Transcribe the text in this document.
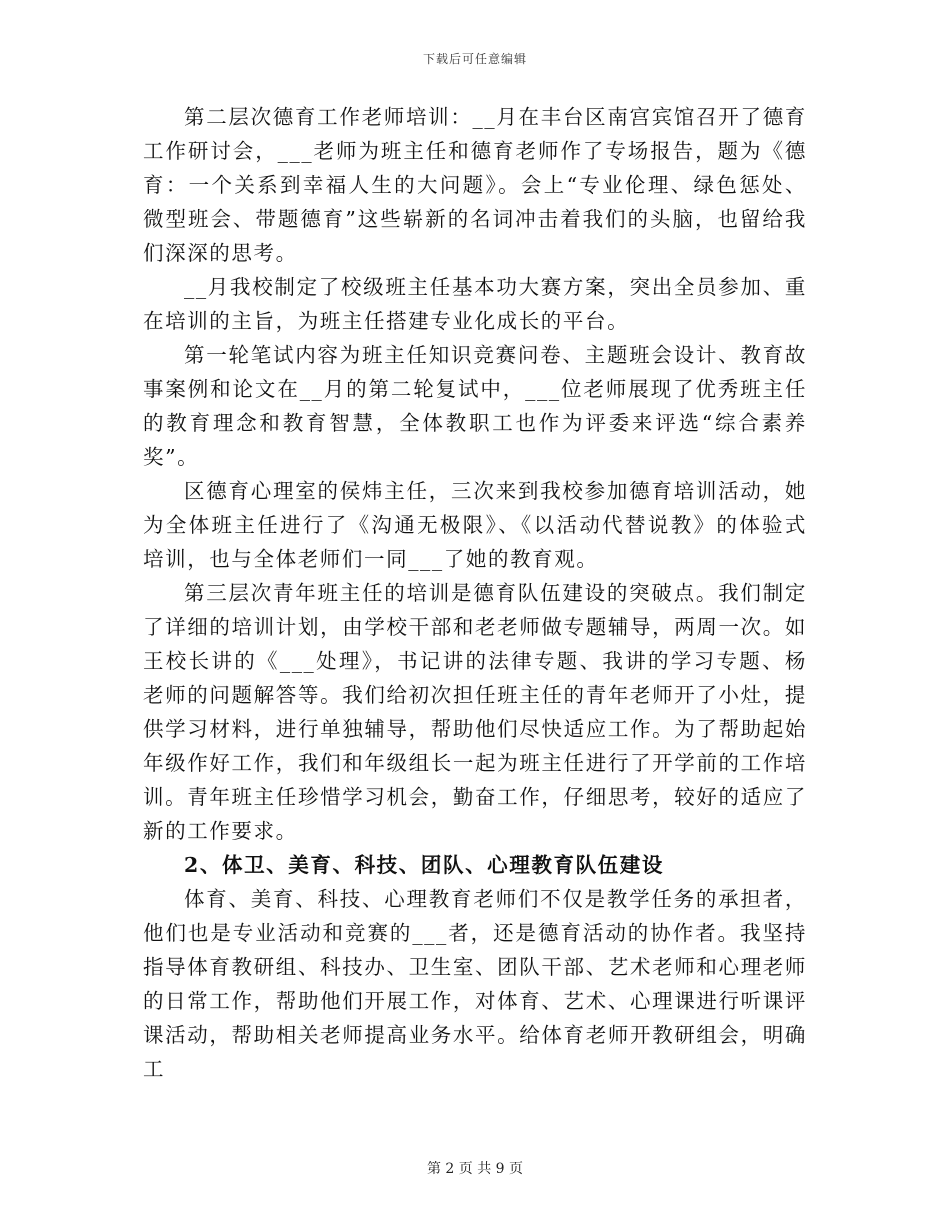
下载后可任意编辑

第二层次德育工作老师培训：__月在丰台区南宫宾馆召开了德育工作研讨会，___老师为班主任和德育老师作了专场报告，题为《德育：一个关系到幸福人生的大问题》。会上“专业伦理、绿色惩处、微型班会、带题德育”这些崭新的名词冲击着我们的头脑，也留给我们深深的思考。

__月我校制定了校级班主任基本功大赛方案，突出全员参加、重在培训的主旨，为班主任搭建专业化成长的平台。

第一轮笔试内容为班主任知识竞赛问卷、主题班会设计、教育故事案例和论文在__月的第二轮复试中，___位老师展现了优秀班主任的教育理念和教育智慧，全体教职工也作为评委来评选“综合素养奖”。

区德育心理室的侯炜主任，三次来到我校参加德育培训活动，她为全体班主任进行了《沟通无极限》、《以活动代替说教》的体验式培训，也与全体老师们一同___了她的教育观。

第三层次青年班主任的培训是德育队伍建设的突破点。我们制定了详细的培训计划，由学校干部和老老师做专题辅导，两周一次。如王校长讲的《___处理》，书记讲的法律专题、我讲的学习专题、杨老师的问题解答等。我们给初次担任班主任的青年老师开了小灶，提供学习材料，进行单独辅导，帮助他们尽快适应工作。为了帮助起始年级作好工作，我们和年级组长一起为班主任进行了开学前的工作培训。青年班主任珍惜学习机会，勤奋工作，仔细思考，较好的适应了新的工作要求。

2、体卫、美育、科技、团队、心理教育队伍建设

体育、美育、科技、心理教育老师们不仅是教学任务的承担者，他们也是专业活动和竞赛的___者，还是德育活动的协作者。我坚持指导体育教研组、科技办、卫生室、团队干部、艺术老师和心理老师的日常工作，帮助他们开展工作，对体育、艺术、心理课进行听课评课活动，帮助相关老师提高业务水平。给体育老师开教研组会，明确工

第 2 页 共 9 页
